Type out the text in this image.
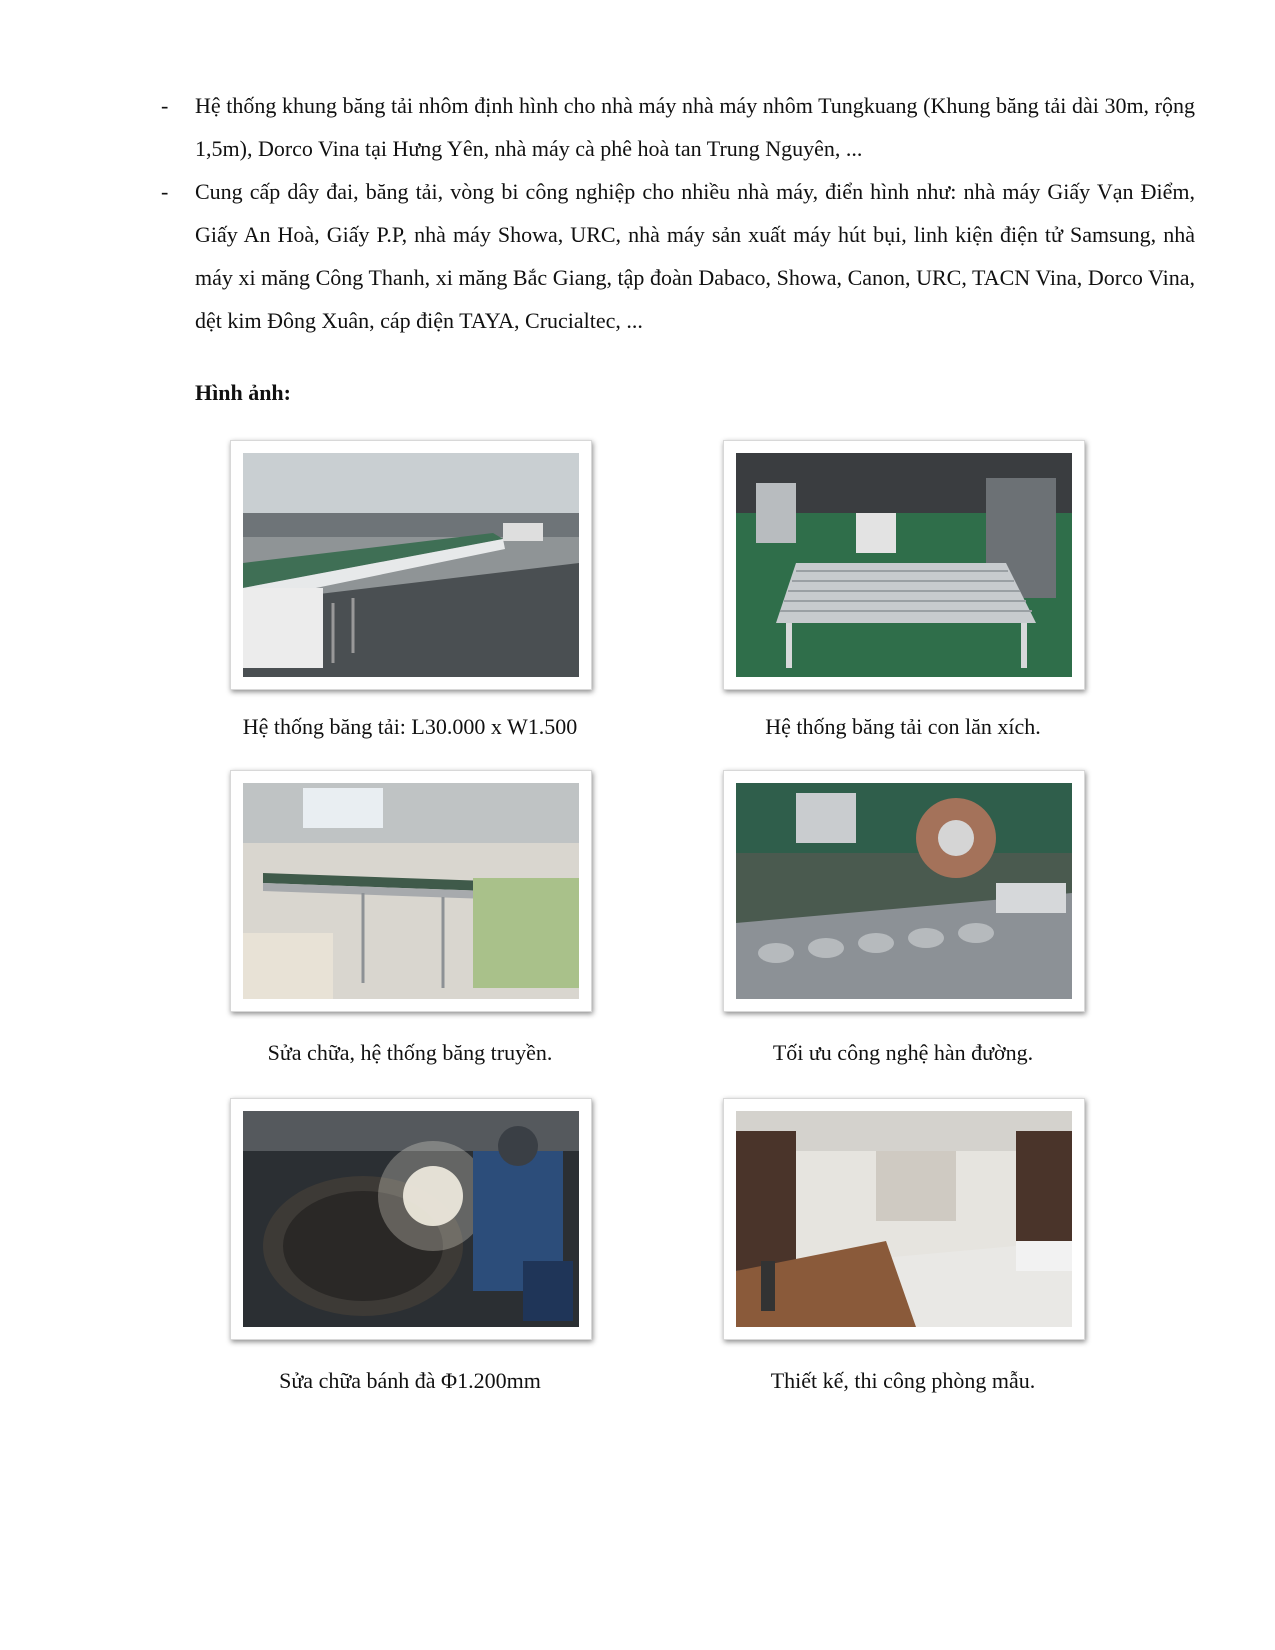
- Hệ thống khung băng tải nhôm định hình cho nhà máy nhà máy nhôm Tungkuang (Khung băng tải dài 30m, rộng 1,5m), Dorco Vina tại Hưng Yên, nhà máy cà phê hoà tan Trung Nguyên, ...
- Cung cấp dây đai, băng tải, vòng bi công nghiệp cho nhiều nhà máy, điển hình như: nhà máy Giấy Vạn Điểm, Giấy An Hoà, Giấy P.P, nhà máy Showa, URC, nhà máy sản xuất máy hút bụi, linh kiện điện tử Samsung, nhà máy xi măng Công Thanh, xi măng Bắc Giang, tập đoàn Dabaco, Showa, Canon, URC, TACN Vina, Dorco Vina, dệt kim Đông Xuân, cáp điện TAYA, Crucialtec, ...
Hình ảnh:
Hệ thống băng tải: L30.000 x W1.500	Hệ thống băng tải con lăn xích.
Sửa chữa, hệ thống băng truyền.	Tối ưu công nghệ hàn đường.
Sửa chữa bánh đà Φ1.200mm	Thiết kế, thi công phòng mẫu.
